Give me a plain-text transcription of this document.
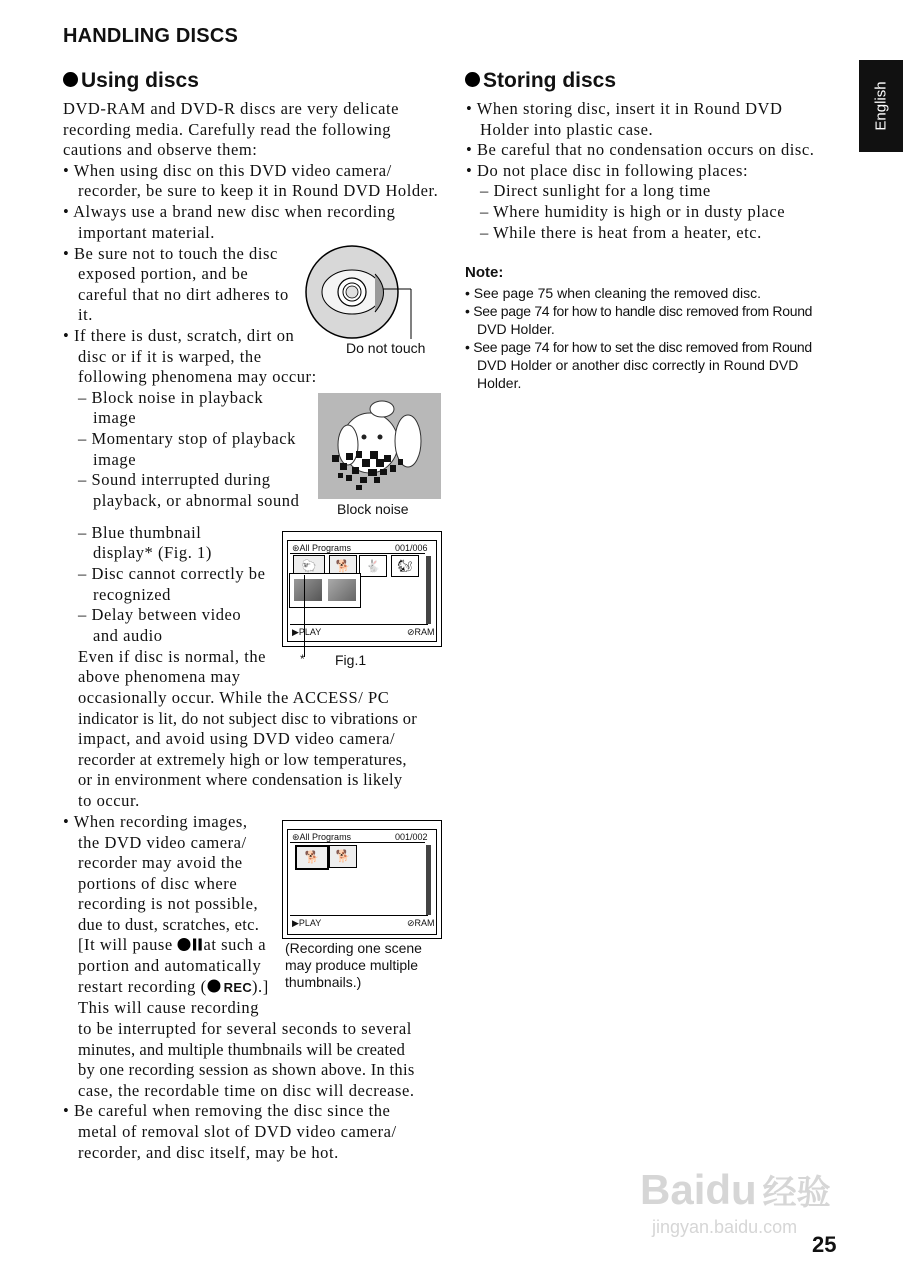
HANDLING DISCS
English
Using discs
DVD-RAM and DVD-R discs are very delicate
recording media. Carefully read the following
cautions and observe them:
• When using disc on this DVD video camera/
recorder, be sure to keep it in Round DVD Holder.
• Always use a brand new disc when recording
important material.
• Be sure not to touch the disc
exposed portion, and be
careful that no dirt adheres to
it.
• If there is dust, scratch, dirt on
disc or if it is warped, the
following phenomena may occur:
– Block noise in playback
image
– Momentary stop of playback
image
– Sound interrupted during
playback, or abnormal sound
– Blue thumbnail
display* (Fig. 1)
– Disc cannot correctly be
recognized
– Delay between video
and audio
Even if disc is normal, the
above phenomena may
occasionally occur. While the ACCESS/ PC
indicator is lit, do not subject disc to vibrations or
impact, and avoid using DVD video camera/
recorder at extremely high or low temperatures,
or in environment where condensation is likely
to occur.
• When recording images,
the DVD video camera/
recorder may avoid the
portions of disc where
recording is not possible,
due to dust, scratches, etc.
[It will pause at such a
portion and automatically
restart recording ( REC).]
This will cause recording
to be interrupted for several seconds to several
minutes, and multiple thumbnails will be created
by one recording session as shown above. In this
case, the recordable time on disc will decrease.
• Be careful when removing the disc since the
metal of removal slot of DVD video camera/
recorder, and disc itself, may be hot.
Do not touch
Block noise
⊛All Programs	001/006
🐑	🐕	🐇	🐿
▶PLAY	⊘RAM
* Fig.1
⊛All Programs	001/002
🐕	🐕
▶PLAY	⊘RAM
(Recording one scene
may produce multiple
thumbnails.)
Storing discs
• When storing disc, insert it in Round DVD
Holder into plastic case.
• Be careful that no condensation occurs on disc.
• Do not place disc in following places:
– Direct sunlight for a long time
– Where humidity is high or in dusty place
– While there is heat from a heater, etc.
Note:
• See page 75 when cleaning the removed disc.
• See page 74 for how to handle disc removed from Round
DVD Holder.
• See page 74 for how to set the disc removed from Round
DVD Holder or another disc correctly in Round DVD
Holder.
Baidu 经验
jingyan.baidu.com
25
